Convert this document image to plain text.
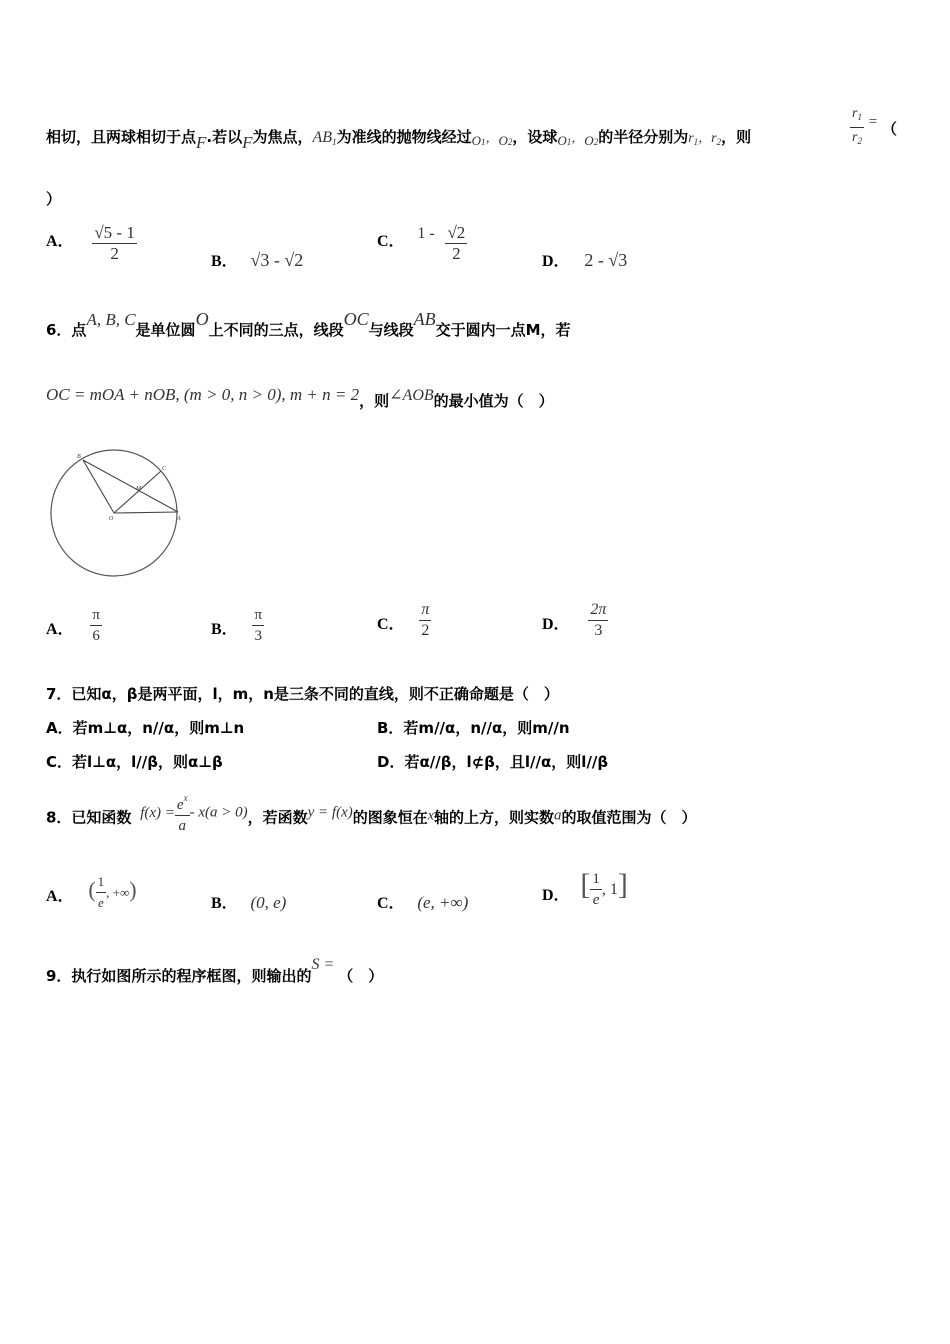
相切，且两球相切于点F.若以F为焦点，$AB_1$为准线的抛物线经过$O_1$，$O_2$，设球$O_1$，$O_2$的半径分别为$r_1$，$r_2$，则	$\frac{r_1}{r_2}$ = （
）
A． $\frac{√5 - 1}{2}$	B． √3 - √2
C． $1 - \frac{√2}{2}$	D． 2 - √3
6．点A, B, C是单位圆O上不同的三点，线段OC与线段AB交于圆内一点M，若
OC = mOA + nOB, (m > 0, n > 0), m + n = 2，则∠AOB的最小值为（　）
B
C
M
O	A
A． $\frac{\pi}{6}$	B． $\frac{\pi}{3}$	C． $\frac{\pi}{2}$	D． $\frac{2\pi}{3}$
7．已知α，β是两平面，l，m，n是三条不同的直线，则不正确命题是（　）
A．若m⊥α，n//α，则m⊥n	B．若m//α，n//α，则m//n
C．若l⊥α，l//β，则α⊥β	D．若α//β，l⊄β，且l//α，则l//β
8．已知函数 $f(x) = \frac{e^x}{a} - x(a > 0)$，若函数y = f(x)的图象恒在x轴的上方，则实数a的取值范围为（　）
A． ( $\frac{1}{e}$ , +∞)
B． (0, e)	C． (e, +∞)	D． [ $\frac{1}{e}$ , 1]
9．执行如图所示的程序框图，则输出的S =（　）
